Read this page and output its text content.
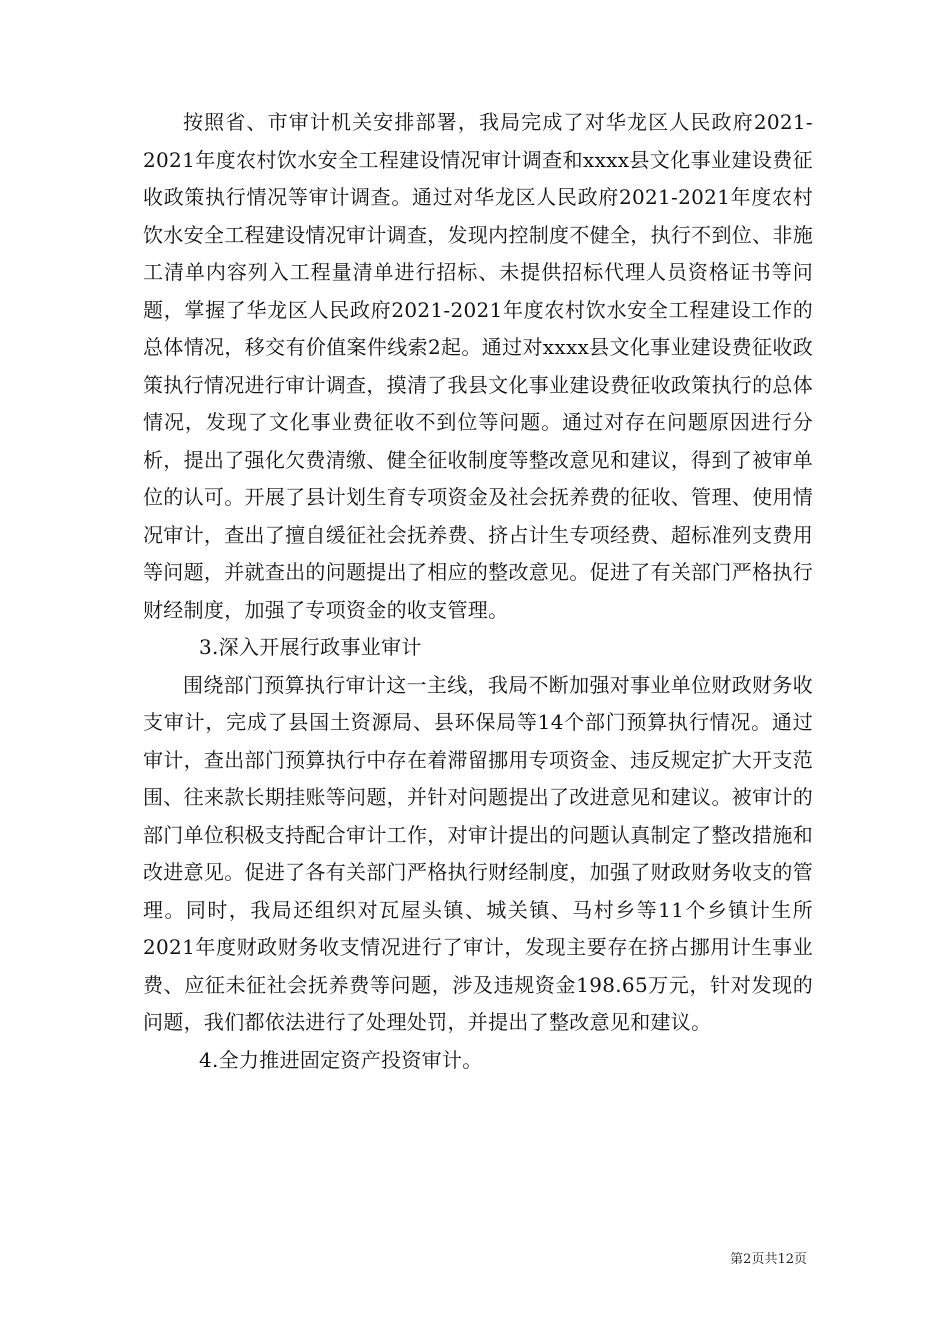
按照省、市审计机关安排部署，我局完成了对华龙区人民政府2021-2021年度农村饮水安全工程建设情况审计调查和xxxx县文化事业建设费征收政策执行情况等审计调查。通过对华龙区人民政府2021-2021年度农村饮水安全工程建设情况审计调查，发现内控制度不健全，执行不到位、非施工清单内容列入工程量清单进行招标、未提供招标代理人员资格证书等问题，掌握了华龙区人民政府2021-2021年度农村饮水安全工程建设工作的总体情况，移交有价值案件线索2起。通过对xxxx县文化事业建设费征收政策执行情况进行审计调查，摸清了我县文化事业建设费征收政策执行的总体情况，发现了文化事业费征收不到位等问题。通过对存在问题原因进行分析，提出了强化欠费清缴、健全征收制度等整改意见和建议，得到了被审单位的认可。开展了县计划生育专项资金及社会抚养费的征收、管理、使用情况审计，查出了擅自缓征社会抚养费、挤占计生专项经费、超标准列支费用等问题，并就查出的问题提出了相应的整改意见。促进了有关部门严格执行财经制度，加强了专项资金的收支管理。

3.深入开展行政事业审计

围绕部门预算执行审计这一主线，我局不断加强对事业单位财政财务收支审计，完成了县国土资源局、县环保局等14个部门预算执行情况。通过审计，查出部门预算执行中存在着滞留挪用专项资金、违反规定扩大开支范围、往来款长期挂账等问题，并针对问题提出了改进意见和建议。被审计的部门单位积极支持配合审计工作，对审计提出的问题认真制定了整改措施和改进意见。促进了各有关部门严格执行财经制度，加强了财政财务收支的管理。同时，我局还组织对瓦屋头镇、城关镇、马村乡等11个乡镇计生所2021年度财政财务收支情况进行了审计，发现主要存在挤占挪用计生事业费、应征未征社会抚养费等问题，涉及违规资金198.65万元，针对发现的问题，我们都依法进行了处理处罚，并提出了整改意见和建议。

4.全力推进固定资产投资审计。

第2页共12页
